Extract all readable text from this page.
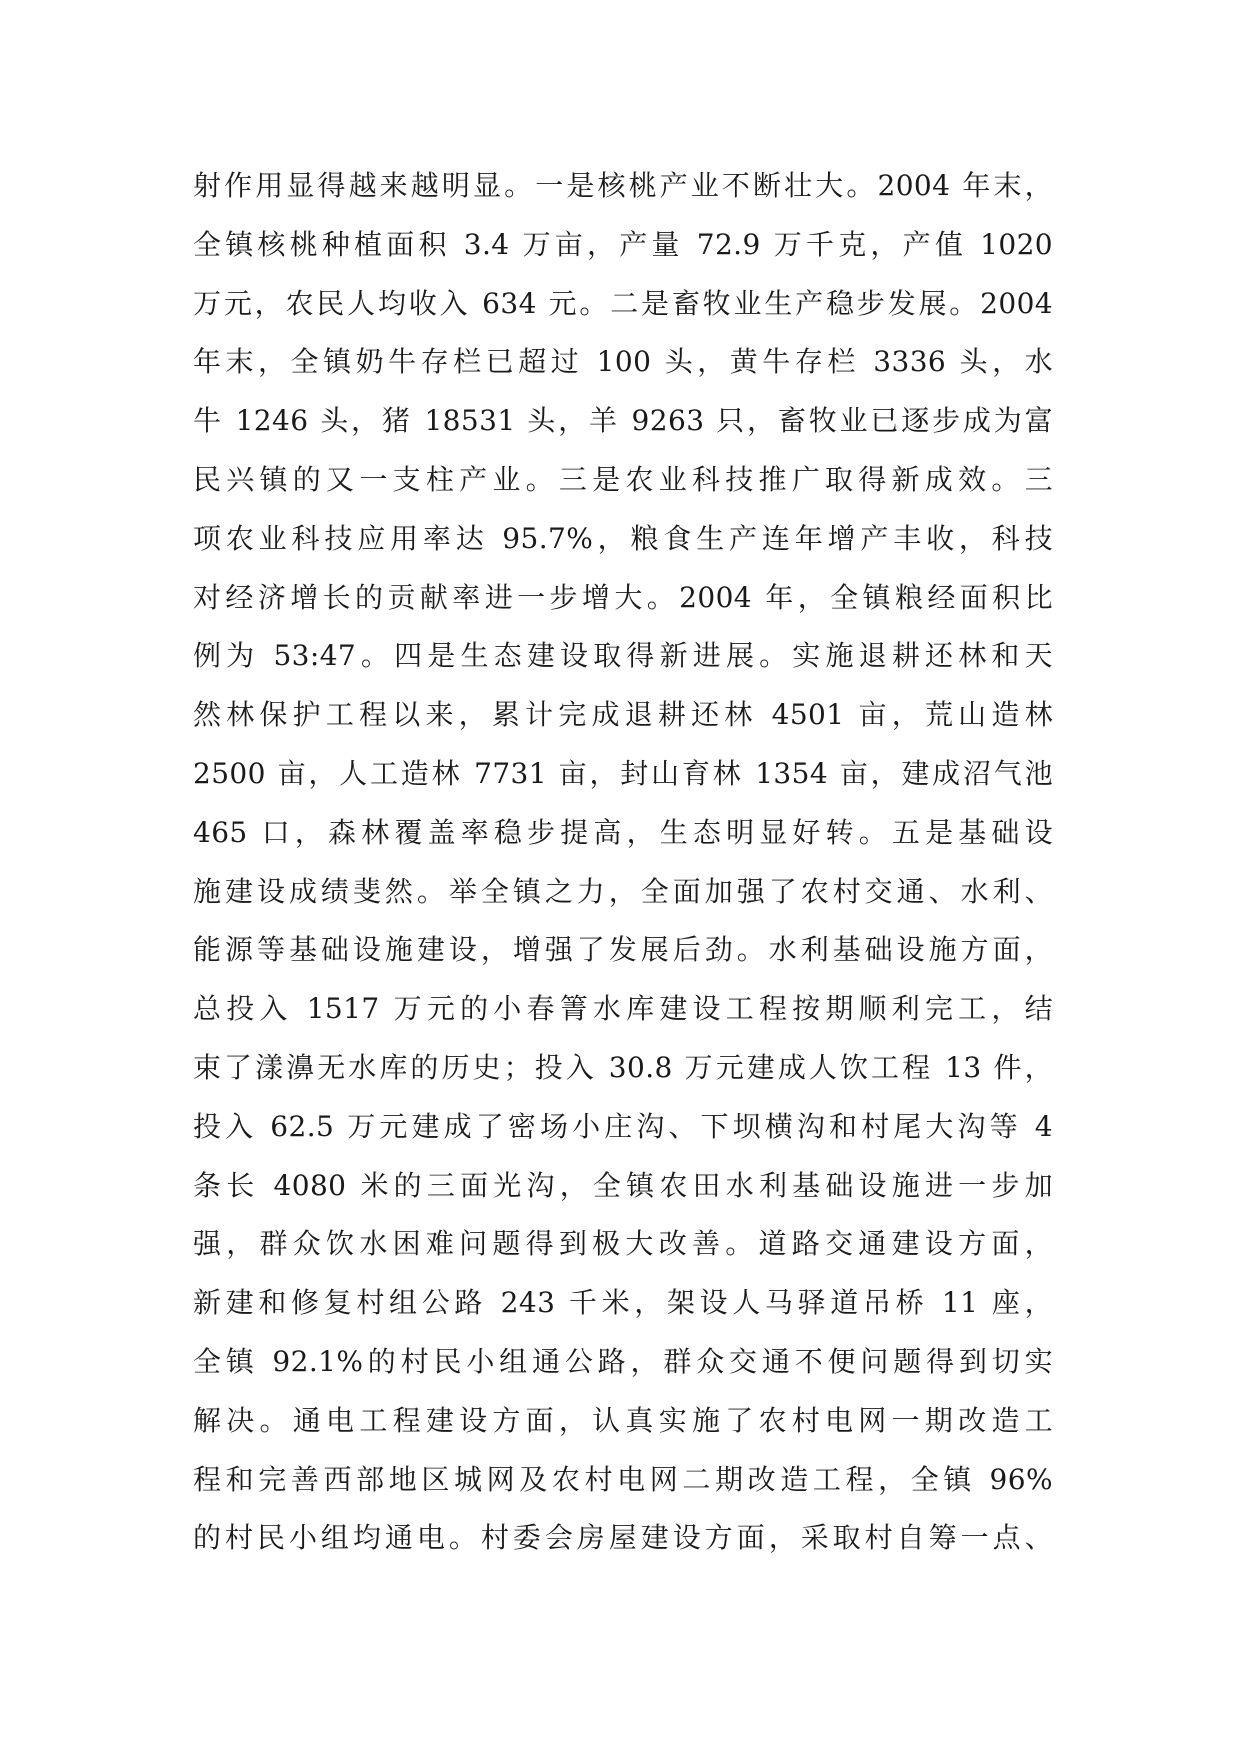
射作用显得越来越明显。一是核桃产业不断壮大。2004 年末，
全镇核桃种植面积 3.4 万亩，产量 72.9 万千克，产值 1020
万元，农民人均收入 634 元。二是畜牧业生产稳步发展。2004
年末，全镇奶牛存栏已超过 100 头，黄牛存栏 3336 头，水
牛 1246 头，猪 18531 头，羊 9263 只，畜牧业已逐步成为富
民兴镇的又一支柱产业。三是农业科技推广取得新成效。三
项农业科技应用率达 95.7%，粮食生产连年增产丰收，科技
对经济增长的贡献率进一步增大。2004 年，全镇粮经面积比
例为 53:47。四是生态建设取得新进展。实施退耕还林和天
然林保护工程以来，累计完成退耕还林 4501 亩，荒山造林
2500 亩，人工造林 7731 亩，封山育林 1354 亩，建成沼气池
465 口，森林覆盖率稳步提高，生态明显好转。五是基础设
施建设成绩斐然。举全镇之力，全面加强了农村交通、水利、
能源等基础设施建设，增强了发展后劲。水利基础设施方面，
总投入 1517 万元的小春箐水库建设工程按期顺利完工，结
束了漾濞无水库的历史；投入 30.8 万元建成人饮工程 13 件，
投入 62.5 万元建成了密场小庄沟、下坝横沟和村尾大沟等 4
条长 4080 米的三面光沟，全镇农田水利基础设施进一步加
强，群众饮水困难问题得到极大改善。道路交通建设方面，
新建和修复村组公路 243 千米，架设人马驿道吊桥 11 座，
全镇 92.1%的村民小组通公路，群众交通不便问题得到切实
解决。通电工程建设方面，认真实施了农村电网一期改造工
程和完善西部地区城网及农村电网二期改造工程，全镇 96%
的村民小组均通电。村委会房屋建设方面，采取村自筹一点、
